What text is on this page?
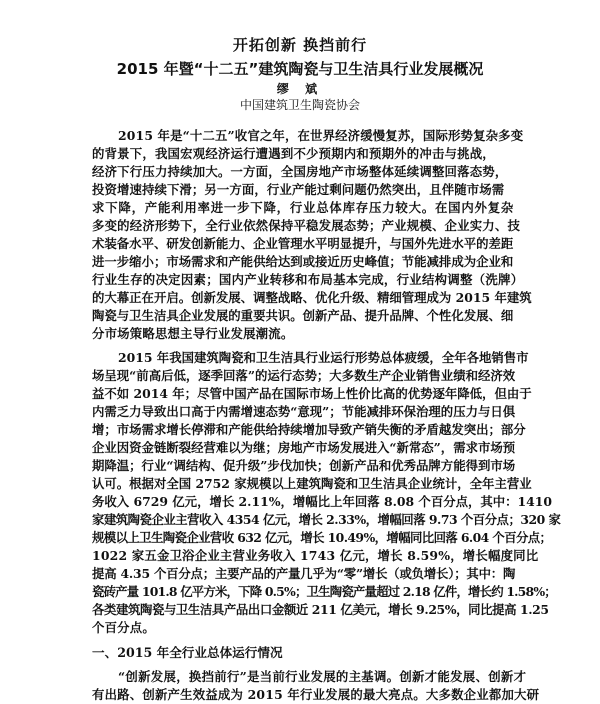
开拓创新 换挡前行
2015 年暨“十二五”建筑陶瓷与卫生洁具行业发展概况
缪 斌
中国建筑卫生陶瓷协会
2015 年是“十二五”收官之年，在世界经济缓慢复苏，国际形势复杂多变
的背景下，我国宏观经济运行遭遇到不少预期内和预期外的冲击与挑战，
经济下行压力持续加大。一方面，全国房地产市场整体延续调整回落态势，
投资增速持续下滑；另一方面，行业产能过剩问题仍然突出，且伴随市场需
求下降，产能利用率进一步下降，行业总体库存压力较大。在国内外复杂
多变的经济形势下，全行业依然保持平稳发展态势；产业规模、企业实力、技
术装备水平、研发创新能力、企业管理水平明显提升，与国外先进水平的差距
进一步缩小；市场需求和产能供给达到或接近历史峰值；节能减排成为企业和
行业生存的决定因素；国内产业转移和布局基本完成，行业结构调整（洗牌）
的大幕正在开启。创新发展、调整战略、优化升级、精细管理成为 2015 年建筑
陶瓷与卫生洁具企业发展的重要共识。创新产品、提升品牌、个性化发展、细
分市场策略思想主导行业发展潮流。
2015 年我国建筑陶瓷和卫生洁具行业运行形势总体疲缓，全年各地销售市
场呈现“前高后低，逐季回落”的运行态势；大多数生产企业销售业绩和经济效
益不如 2014 年；尽管中国产品在国际市场上性价比高的优势逐年降低，但由于
内需乏力导致出口高于内需增速态势“意现”；节能减排环保治理的压力与日俱
增；市场需求增长停滞和产能供给持续增加导致产销失衡的矛盾越发突出；部分
企业因资金链断裂经营难以为继；房地产市场发展进入“新常态”，需求市场预
期降温；行业“调结构、促升级”步伐加快；创新产品和优秀品牌方能得到市场
认可。根据对全国 2752 家规模以上建筑陶瓷和卫生洁具企业统计，全年主营业
务收入 6729 亿元，增长 2.11%，增幅比上年回落 8.08 个百分点，其中：1410
家建筑陶瓷企业主营收入 4354 亿元，增长 2.33%，增幅回落 9.73 个百分点；320 家
规模以上卫生陶瓷企业营收 632 亿元，增长 10.49%，增幅同比回落 6.04 个百分点；
1022 家五金卫浴企业主营业务收入 1743 亿元，增长 8.59%，增长幅度同比
提高 4.35 个百分点；主要产品的产量几乎为“零”增长（或负增长）；其中：陶
瓷砖产量 101.8 亿平方米，下降 0.5%；卫生陶瓷产量超过 2.18 亿件，增长约 1.58%；
各类建筑陶瓷与卫生洁具产品出口金额近 211 亿美元，增长 9.25%，同比提高 1.25
个百分点。
一、2015 年全行业总体运行情况
“创新发展，换挡前行”是当前行业发展的主基调。创新才能发展、创新才
有出路、创新产生效益成为 2015 年行业发展的最大亮点。大多数企业都加大研
